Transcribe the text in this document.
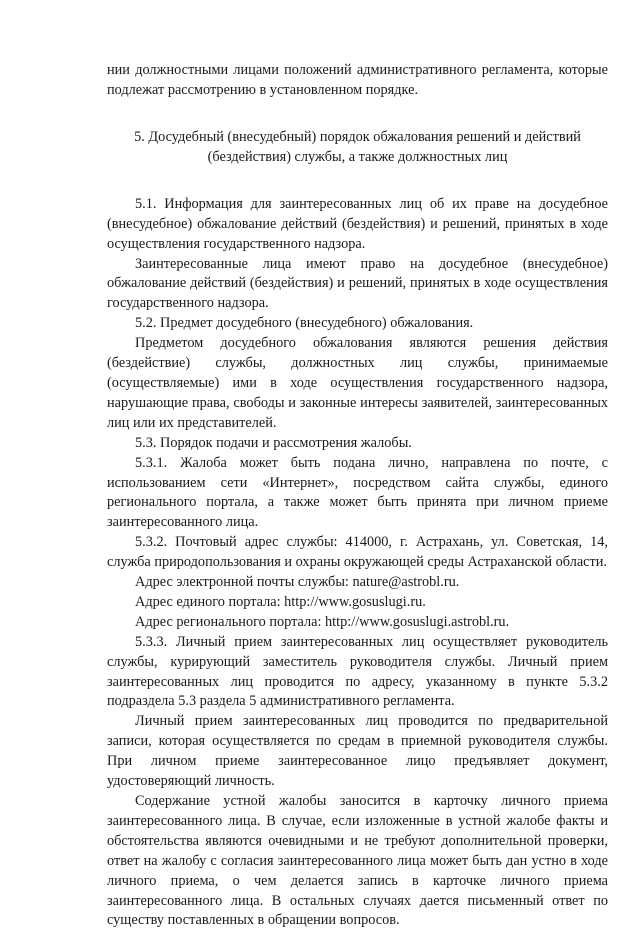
нии должностными лицами положений административного регламента, которые подлежат рассмотрению в установленном порядке.

5. Досудебный (внесудебный) порядок обжалования решений и действий (бездействия) службы, а также должностных лиц

5.1. Информация для заинтересованных лиц об их праве на досудебное (внесудебное) обжалование действий (бездействия) и решений, принятых в ходе осуществления государственного надзора.

Заинтересованные лица имеют право на досудебное (внесудебное) обжалование действий (бездействия) и решений, принятых в ходе осуществления государственного надзора.

5.2. Предмет досудебного (внесудебного) обжалования.

Предметом досудебного обжалования являются решения действия (бездействие) службы, должностных лиц службы, принимаемые (осуществляемые) ими в ходе осуществления государственного надзора, нарушающие права, свободы и законные интересы заявителей, заинтересованных лиц или их представителей.

5.3. Порядок подачи и рассмотрения жалобы.

5.3.1. Жалоба может быть подана лично, направлена по почте, с использованием сети «Интернет», посредством сайта службы, единого регионального портала, а также может быть принята при личном приеме заинтересованного лица.

5.3.2. Почтовый адрес службы: 414000, г. Астрахань, ул. Советская, 14, служба природопользования и охраны окружающей среды Астраханской области.

Адрес электронной почты службы: nature@astrobl.ru.

Адрес единого портала: http://www.gosuslugi.ru.

Адрес регионального портала: http://www.gosuslugi.astrobl.ru.

5.3.3. Личный прием заинтересованных лиц осуществляет руководитель службы, курирующий заместитель руководителя службы. Личный прием заинтересованных лиц проводится по адресу, указанному в пункте 5.3.2 подраздела 5.3 раздела 5 административного регламента.

Личный прием заинтересованных лиц проводится по предварительной записи, которая осуществляется по средам в приемной руководителя службы. При личном приеме заинтересованное лицо предъявляет документ, удостоверяющий личность.

Содержание устной жалобы заносится в карточку личного приема заинтересованного лица. В случае, если изложенные в устной жалобе факты и обстоятельства являются очевидными и не требуют дополнительной проверки, ответ на жалобу с согласия заинтересованного лица может быть дан устно в ходе личного приема, о чем делается запись в карточке личного приема заинтересованного лица. В остальных случаях дается письменный ответ по существу поставленных в обращении вопросов.
